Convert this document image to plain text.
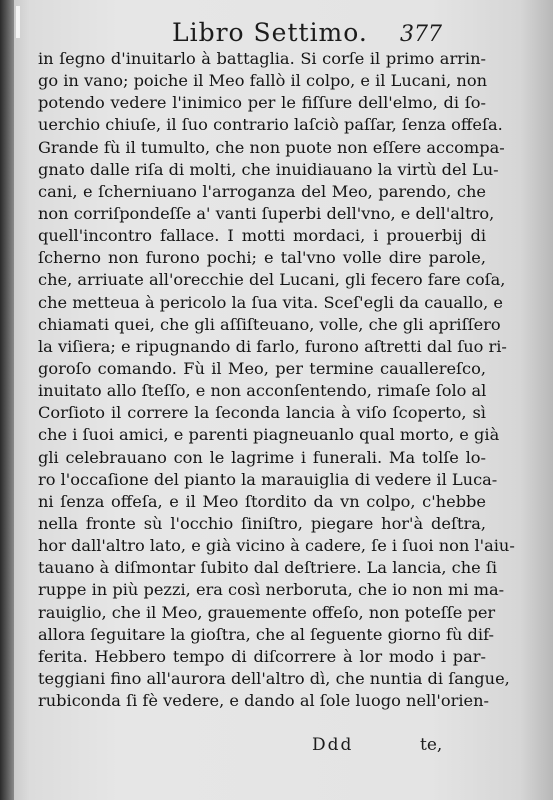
Libro Settimo. 377
in ſegno d'inuitarlo à battaglia. Si corſe il primo arrin-
go in vano; poiche il Meo fallò il colpo, e il Lucani, non
potendo vedere l'inimico per le fiſſure dell'elmo, di ſo-
uerchio chiuſe, il ſuo contrario laſciò paſſar, ſenza offeſa.
Grande fù il tumulto, che non puote non eſſere accompa-
gnato dalle riſa di molti, che inuidiauano la virtù del Lu-
cani, e ſcherniuano l'arroganza del Meo, parendo, che
non corriſpondeſſe a' vanti ſuperbi dell'vno, e dell'altro,
quell'incontro fallace. I motti mordaci, i prouerbij di
ſcherno non furono pochi; e tal'vno volle dire parole,
che, arriuate all'orecchie del Lucani, gli fecero fare coſa,
che metteua à pericolo la ſua vita. Sceſ'egli da cauallo, e
chiamati quei, che gli aſſiſteuano, volle, che gli apriſſero
la viſiera; e ripugnando di farlo, furono aſtretti dal ſuo ri-
goroſo comando. Fù il Meo, per termine cauallereſco,
inuitato allo ſteſſo, e non acconſentendo, rimaſe ſolo al
Corſioto il correre la ſeconda lancia à viſo ſcoperto, sì
che i ſuoi amici, e parenti piagneuanlo qual morto, e già
gli celebrauano con le lagrime i funerali. Ma tolſe lo-
ro l'occaſione del pianto la marauiglia di vedere il Luca-
ni ſenza offeſa, e il Meo ſtordito da vn colpo, c'hebbe
nella fronte sù l'occhio ſiniſtro, piegare hor'à deſtra,
hor dall'altro lato, e già vicino à cadere, ſe i ſuoi non l'aiu-
tauano à diſmontar ſubito dal deſtriere. La lancia, che ſi
ruppe in più pezzi, era così nerboruta, che io non mi ma-
rauiglio, che il Meo, grauemente offeſo, non poteſſe per
allora ſeguitare la gioſtra, che al ſeguente giorno fù dif-
ferita. Hebbero tempo di diſcorrere à lor modo i par-
teggiani fino all'aurora dell'altro dì, che nuntia di ſangue,
rubiconda ſi fè vedere, e dando al ſole luogo nell'orien-
Ddd	te,
